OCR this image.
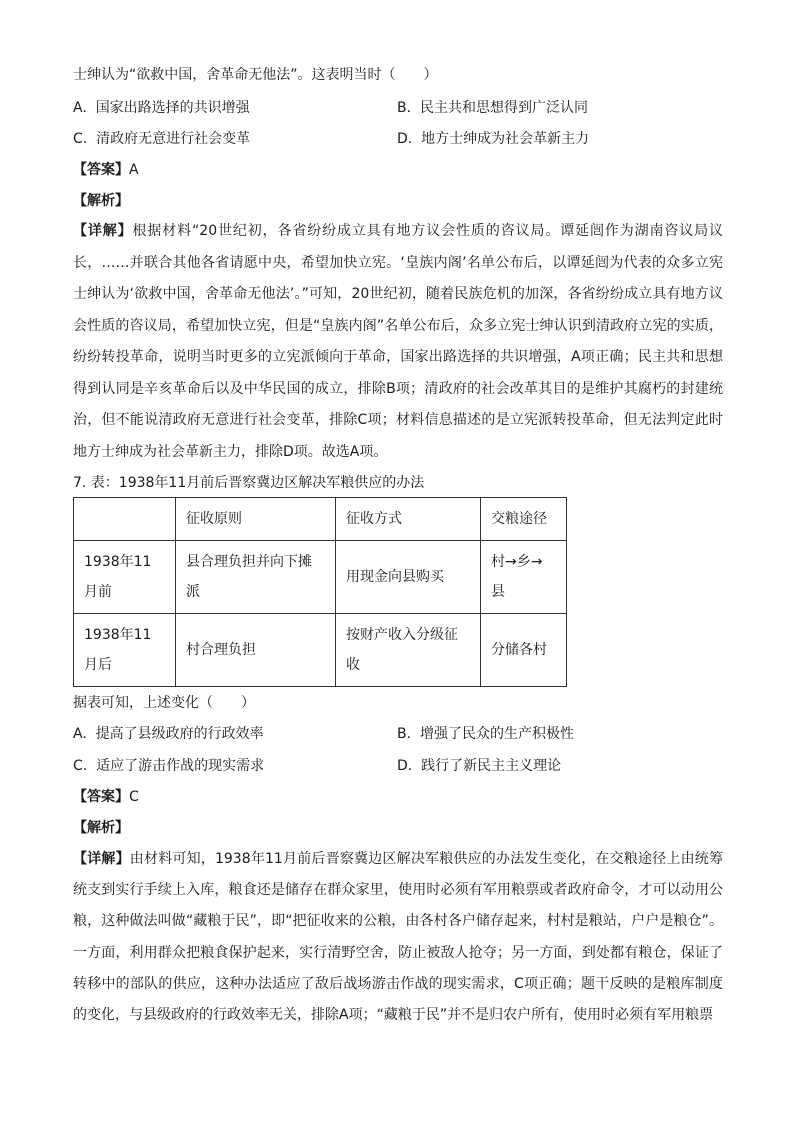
士绅认为“欲救中国，舍革命无他法”。这表明当时（　　）
A. 国家出路选择的共识增强	B. 民主共和思想得到广泛认同
C. 清政府无意进行社会变革	D. 地方士绅成为社会革新主力
【答案】A
【解析】
【详解】根据材料“20世纪初，各省纷纷成立具有地方议会性质的咨议局。谭延闿作为湖南咨议局议长，……并联合其他各省请愿中央，希望加快立宪。‘皇族内阁’名单公布后，以谭延闿为代表的众多立宪士绅认为‘欲救中国，舍革命无他法’。”可知，20世纪初，随着民族危机的加深，各省纷纷成立具有地方议会性质的咨议局，希望加快立宪，但是“皇族内阁”名单公布后，众多立宪士绅认识到清政府立宪的实质，纷纷转投革命，说明当时更多的立宪派倾向于革命，国家出路选择的共识增强，A项正确；民主共和思想得到认同是辛亥革命后以及中华民国的成立，排除B项；清政府的社会改革其目的是维护其腐朽的封建统治，但不能说清政府无意进行社会变革，排除C项；材料信息描述的是立宪派转投革命，但无法判定此时地方士绅成为社会革新主力，排除D项。故选A项。
7. 表：1938年11月前后晋察冀边区解决军粮供应的办法
	征收原则	征收方式	交粮途径
1938年11月前	县合理负担并向下摊派	用现金向县购买	村→乡→县
1938年11月后	村合理负担	按财产收入分级征收	分储各村
据表可知，上述变化（　　）
A. 提高了县级政府的行政效率	B. 增强了民众的生产积极性
C. 适应了游击作战的现实需求	D. 践行了新民主主义理论
【答案】C
【解析】
【详解】由材料可知，1938年11月前后晋察冀边区解决军粮供应的办法发生变化，在交粮途径上由统筹统支到实行手续上入库，粮食还是储存在群众家里，使用时必须有军用粮票或者政府命令，才可以动用公粮，这种做法叫做“藏粮于民”，即“把征收来的公粮，由各村各户储存起来，村村是粮站，户户是粮仓”。一方面，利用群众把粮食保护起来，实行清野空舍，防止被敌人抢夺；另一方面，到处都有粮仓，保证了转移中的部队的供应，这种办法适应了敌后战场游击作战的现实需求，C项正确；题干反映的是粮库制度的变化，与县级政府的行政效率无关，排除A项；“藏粮于民”并不是归农户所有，使用时必须有军用粮票
